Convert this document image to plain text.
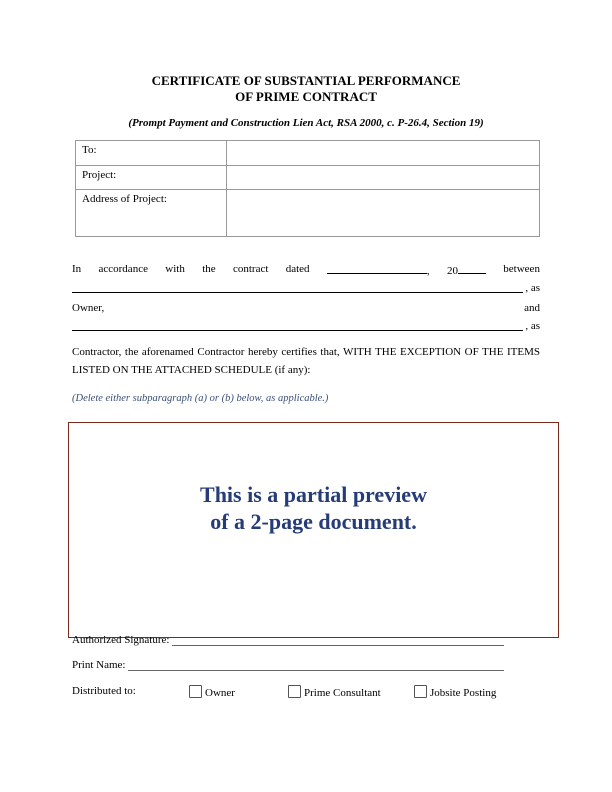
CERTIFICATE OF SUBSTANTIAL PERFORMANCE
OF PRIME CONTRACT
(Prompt Payment and Construction Lien Act, RSA 2000, c. P-26.4, Section 19)
To:	
Project:	
Address of Project:	
In accordance with the contract dated	, 20	between
, as
Owner,	and
, as
Contractor, the aforenamed Contractor hereby certifies that, WITH THE EXCEPTION OF THE ITEMS LISTED ON THE ATTACHED SCHEDULE (if any):
(Delete either subparagraph (a) or (b) below, as applicable.)
This is a partial preview
of a 2-page document.
Authorized Signature:
Print Name:
Distributed to:	Owner	Prime Consultant	Jobsite Posting
